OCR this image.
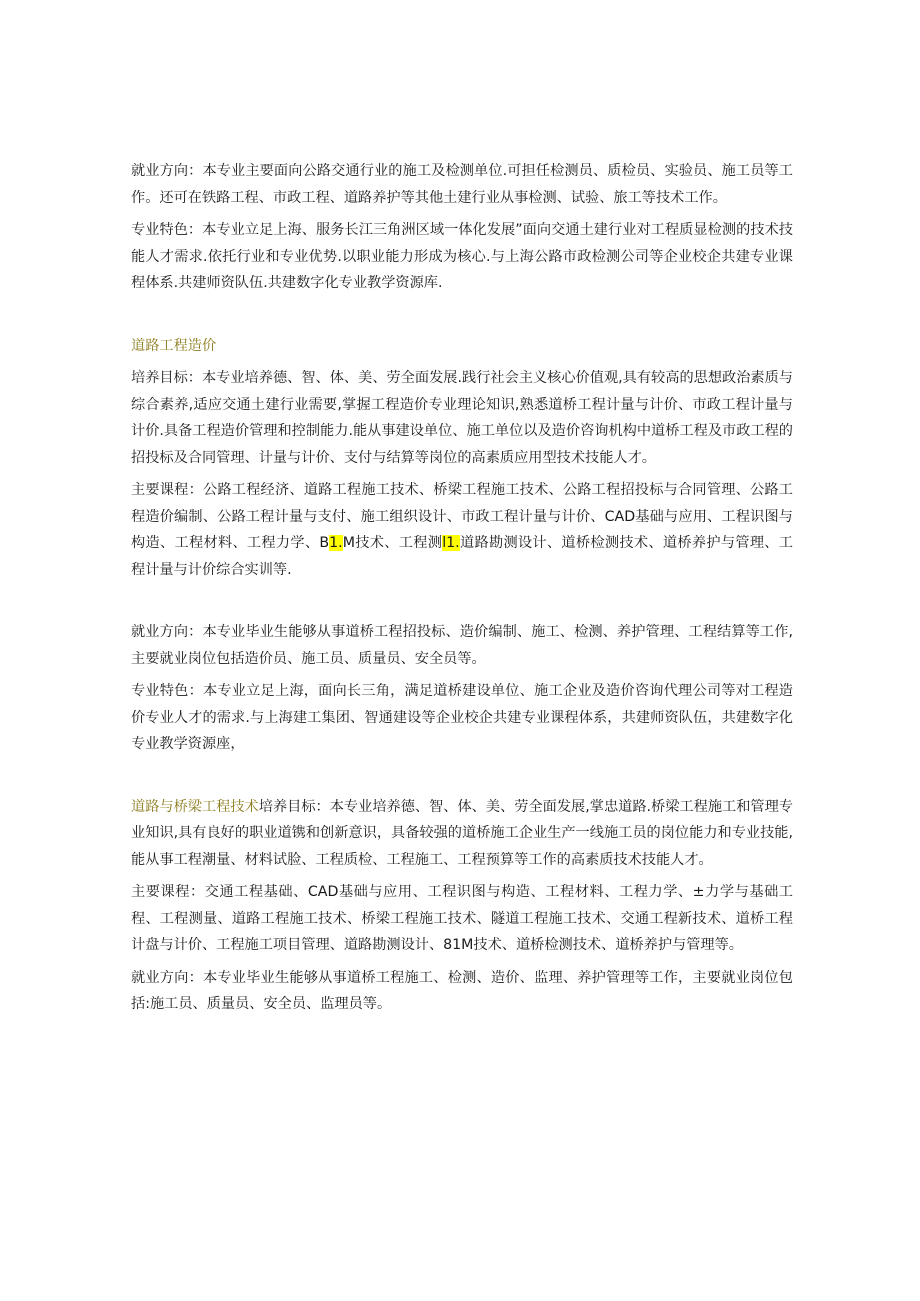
就业方向：本专业主要面向公路交通行业的施工及检测单位.可担任检测员、质检员、实验员、施工员等工作。还可在铁路工程、市政工程、道路养护等其他土建行业从事检测、试验、旅工等技术工作。

专业特色：本专业立足上海、服务长江三角洲区域一体化发展”面向交通土建行业对工程质显检测的技术技能人才需求.依托行业和专业优势.以职业能力形成为核心.与上海公路市政检测公司等企业校企共建专业课程体系.共建师资队伍.共建数字化专业教学资源库.

道路工程造价

培养目标：本专业培养德、智、体、美、劳全面发展.践行社会主义核心价值观,具有较高的思想政治素质与综合素养,适应交通土建行业需要,掌握工程造价专业理论知识,熟悉道桥工程计量与计价、市政工程计量与计价.具备工程造价管理和控制能力.能从事建设单位、施工单位以及造价咨询机构中道桥工程及市政工程的招投标及合同管理、计量与计价、支付与结算等岗位的高素质应用型技术技能人才。

主要课程：公路工程经济、道路工程施工技术、桥梁工程施工技术、公路工程招投标与合同管理、公路工程造价编制、公路工程计量与支付、施工组织设计、市政工程计量与计价、CAD基础与应用、工程识图与构造、工程材料、工程力学、B1.M技术、工程测l1.道路勘测设计、道桥检测技术、道桥养护与管理、工程计量与计价综合实训等.

就业方向：本专业毕业生能够从事道桥工程招投标、造价编制、施工、检测、养护管理、工程结算等工作,主要就业岗位包括造价员、施工员、质量员、安全员等。

专业特色：本专业立足上海，面向长三角，满足道桥建设单位、施工企业及造价咨询代理公司等对工程造价专业人才的需求.与上海建工集团、智通建设等企业校企共建专业课程体系，共建师资队伍，共建数字化专业教学资源座，

道路与桥梁工程技术培养目标：本专业培养德、智、体、美、劳全面发展,掌忠道路.桥梁工程施工和管理专业知识,具有良好的职业道镌和创新意识，具备较强的道桥施工企业生产一线施工员的岗位能力和专业技能,能从事工程潮量、材料试脸、工程质检、工程施工、工程预算等工作的高素质技术技能人才。

主要课程：交通工程基础、CAD基础与应用、工程识图与构造、工程材料、工程力学、±力学与基础工程、工程测量、道路工程施工技术、桥梁工程施工技术、隧道工程施工技术、交通工程新技术、道桥工程计盘与计价、工程施工项目管理、道路勘测设计、81M技术、道桥检测技术、道桥养护与管理等。

就业方向：本专业毕业生能够从事道桥工程施工、检测、造价、监理、养护管理等工作，主要就业岗位包括:施工员、质量员、安全员、监理员等。
